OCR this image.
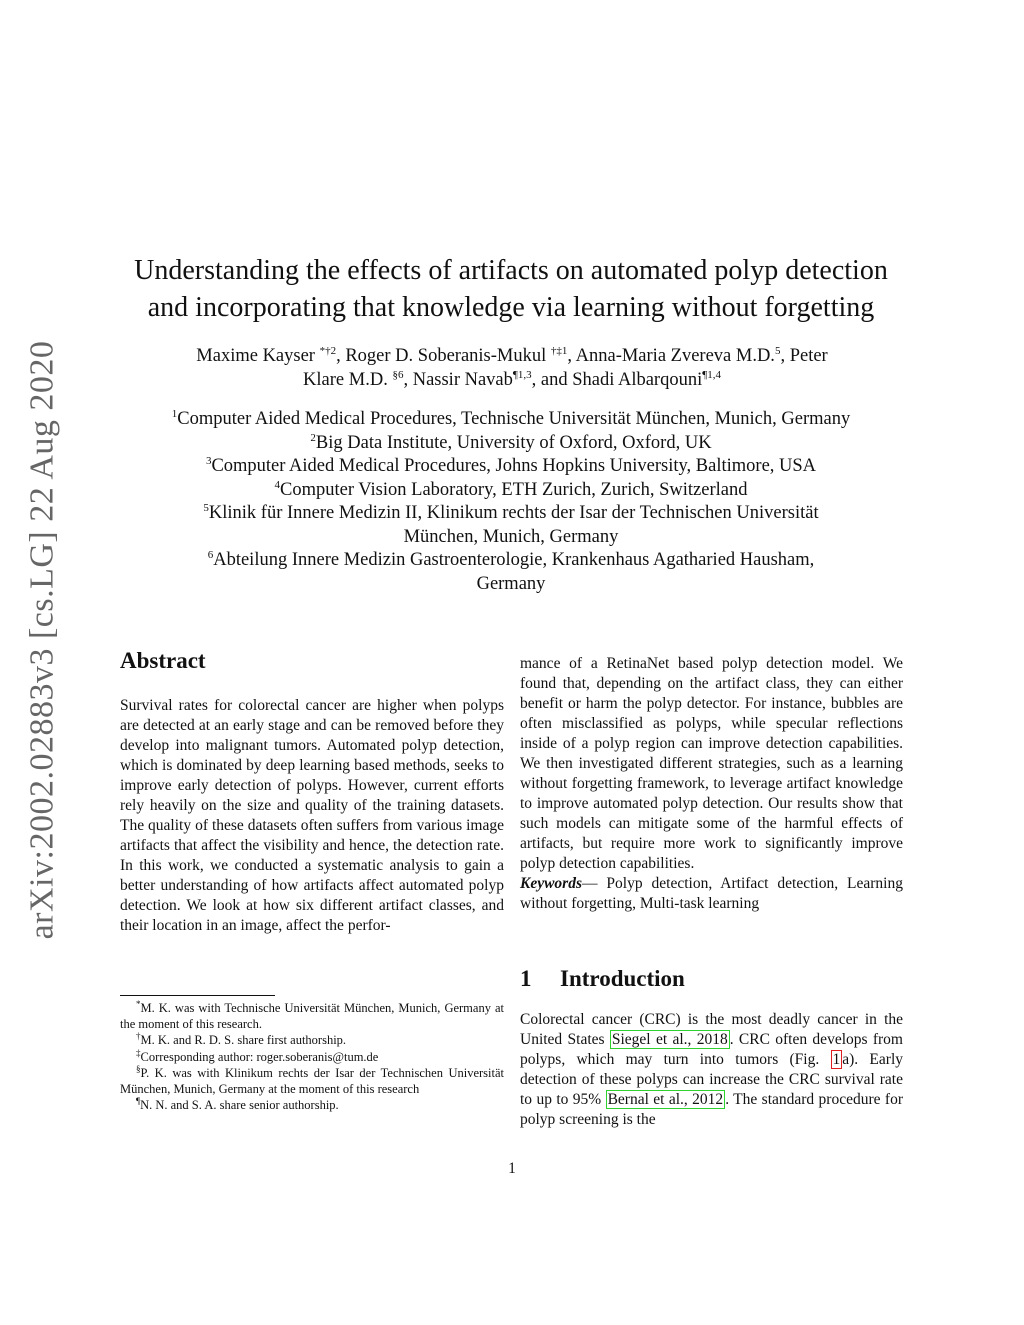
arXiv:2002.02883v3 [cs.LG] 22 Aug 2020
Understanding the effects of artifacts on automated polyp detection
and incorporating that knowledge via learning without forgetting
Maxime Kayser $^{*\dagger 2}$, Roger D. Soberanis-Mukul $^{\dagger\ddagger 1}$, Anna-Maria Zvereva M.D.$^5$, Peter
Klare M.D. $^{\S 6}$, Nassir Navab$^{\P 1,3}$, and Shadi Albarqouni$^{\P 1,4}$
$^1$Computer Aided Medical Procedures, Technische Universität München, Munich, Germany
$^2$Big Data Institute, University of Oxford, Oxford, UK
$^3$Computer Aided Medical Procedures, Johns Hopkins University, Baltimore, USA
$^4$Computer Vision Laboratory, ETH Zurich, Zurich, Switzerland
$^5$Klinik für Innere Medizin II, Klinikum rechts der Isar der Technischen Universität
München, Munich, Germany
$^6$Abteilung Innere Medizin Gastroenterologie, Krankenhaus Agatharied Hausham,
Germany
Abstract

Survival rates for colorectal cancer are higher when polyps are detected at an early stage and can be removed before they develop into malignant tumors. Automated polyp detection, which is dominated by deep learning based methods, seeks to improve early detection of polyps. However, current efforts rely heavily on the size and quality of the training datasets. The quality of these datasets often suffers from various image artifacts that affect the visibility and hence, the detection rate. In this work, we conducted a systematic analysis to gain a better understanding of how artifacts affect automated polyp detection. We look at how six different artifact classes, and their location in an image, affect the perfor-

mance of a RetinaNet based polyp detection model. We found that, depending on the artifact class, they can either benefit or harm the polyp detector. For instance, bubbles are often misclassified as polyps, while specular reflections inside of a polyp region can improve detection capabilities. We then investigated different strategies, such as a learning without forgetting framework, to leverage artifact knowledge to improve automated polyp detection. Our results show that such models can mitigate some of the harmful effects of artifacts, but require more work to significantly improve polyp detection capabilities.

Keywords— Polyp detection, Artifact detection, Learning without forgetting, Multi-task learning

1 Introduction

Colorectal cancer (CRC) is the most deadly cancer in the United States Siegel et al., 2018 . CRC often develops from polyps, which may turn into tumors (Fig. 1 a). Early detection of these polyps can increase the CRC survival rate to up to 95% Bernal et al., 2012 . The standard procedure for polyp screening is the

*M. K. was with Technische Universität München, Munich, Germany at the moment of this research.
†M. K. and R. D. S. share first authorship.
‡Corresponding author: roger.soberanis@tum.de
§P. K. was with Klinikum rechts der Isar der Technischen Universität München, Munich, Germany at the moment of this research
¶N. N. and S. A. share senior authorship.
1
